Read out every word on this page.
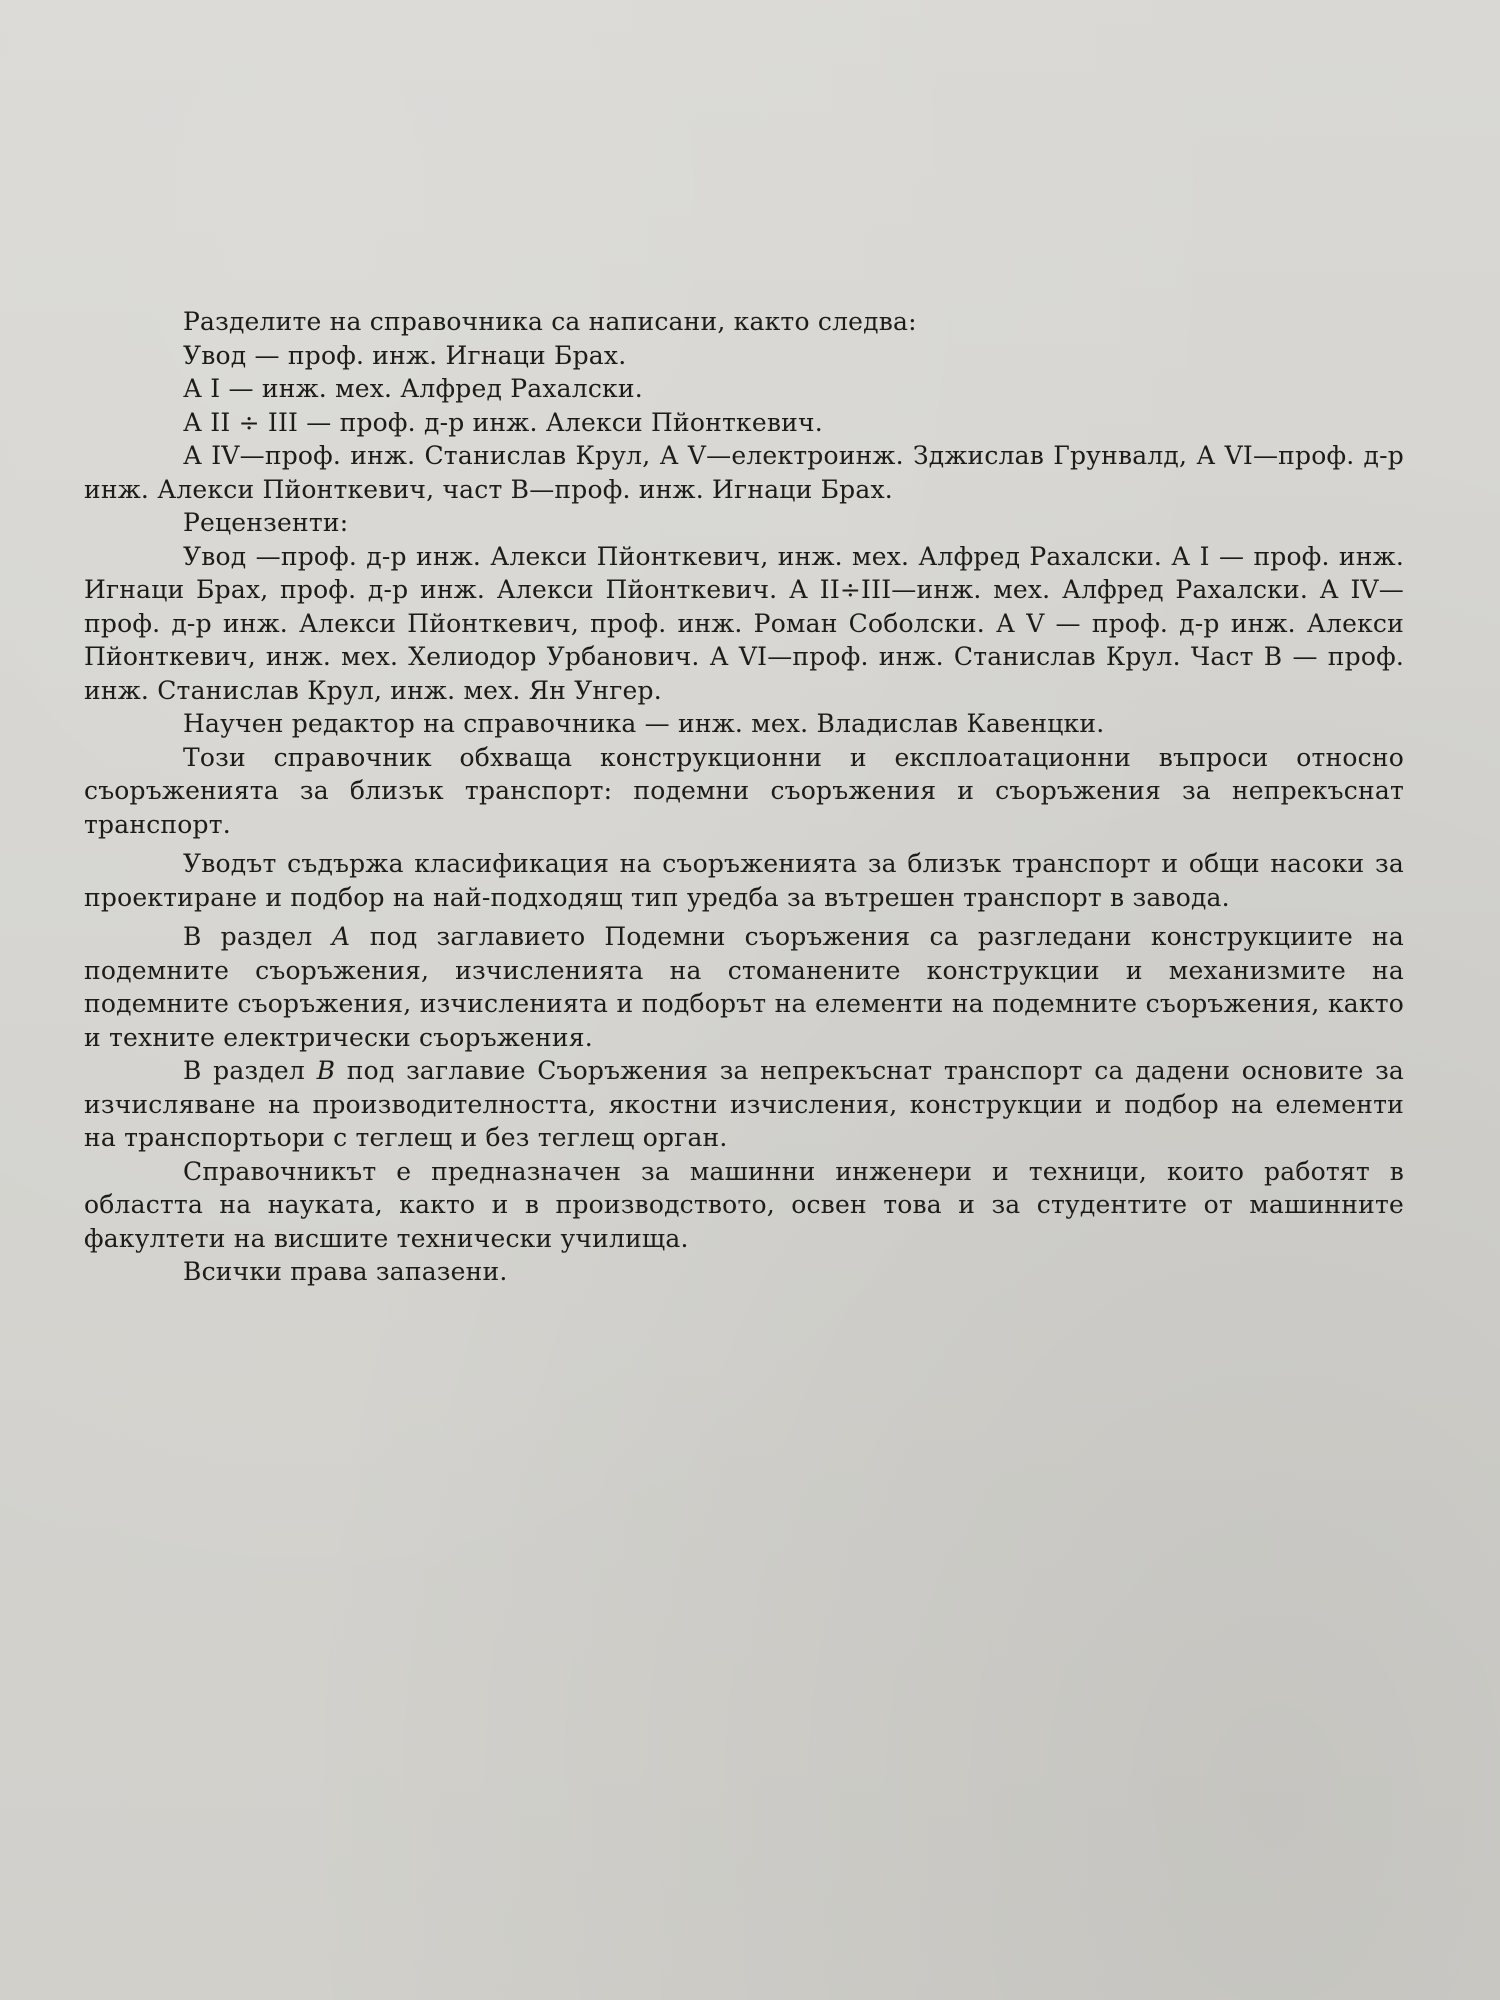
Разделите на справочника са написани, както следва:

Увод — проф. инж. Игнаци Брах.

А I — инж. мех. Алфред Рахалски.

А II ÷ III — проф. д-р инж. Алекси Пйонткевич.

А IV—проф. инж. Станислав Крул, А V—електроинж. Зджислав Грунвалд, А VI—проф. д-р инж. Алекси Пйонткевич, част В—проф. инж. Игнаци Брах.

Рецензенти:

Увод —проф. д-р инж. Алекси Пйонткевич, инж. мех. Алфред Рахалски. А I — проф. инж. Игнаци Брах, проф. д-р инж. Алекси Пйонткевич. А II÷III—инж. мех. Алфред Рахалски. А IV—проф. д-р инж. Алекси Пйонткевич, проф. инж. Роман Соболски. А V — проф. д-р инж. Алекси Пйонткевич, инж. мех. Хелиодор Урбанович. А VI—проф. инж. Станислав Крул. Част В — проф. инж. Станислав Крул, инж. мех. Ян Унгер.

Научен редактор на справочника — инж. мех. Владислав Кавенцки.

Този справочник обхваща конструкционни и експлоатационни въпроси относно съоръженията за близък транспорт: подемни съоръжения и съоръжения за непрекъснат транспорт.

Уводът съдържа класификация на съоръженията за близък транспорт и общи насоки за проектиране и подбор на най-подходящ тип уредба за вътрешен транспорт в завода.

В раздел А под заглавието Подемни съоръжения са разгледани конструкциите на подемните съоръжения, изчисленията на стоманените конструкции и механизмите на подемните съоръжения, изчисленията и подборът на елементи на подемните съоръжения, както и техните електрически съоръжения.

В раздел В под заглавие Съоръжения за непрекъснат транспорт са дадени основите за изчисляване на производителността, якостни изчисления, конструкции и подбор на елементи на транспортьори с теглещ и без теглещ орган.

Справочникът е предназначен за машинни инженери и техници, които работят в областта на науката, както и в производството, освен това и за студентите от машинните факултети на висшите технически училища.

Всички права запазени.
